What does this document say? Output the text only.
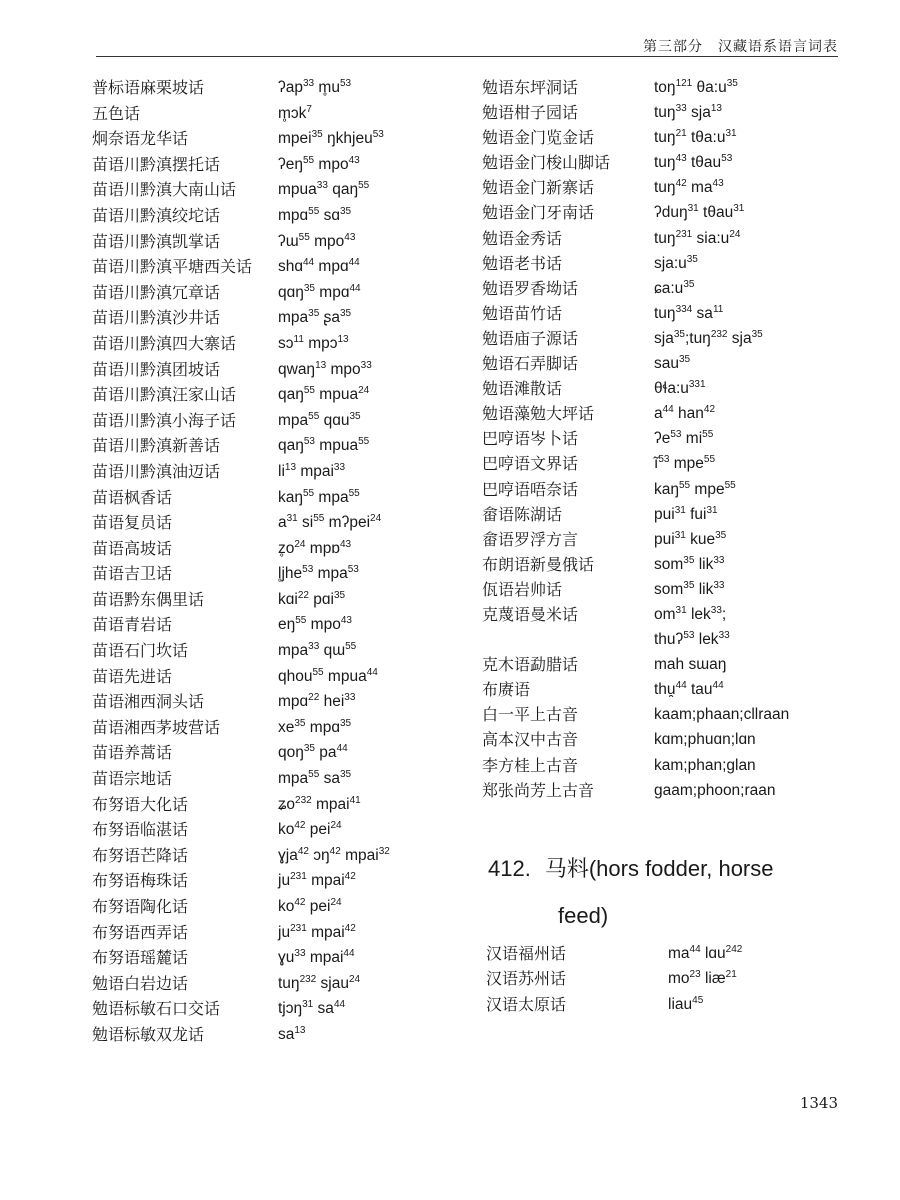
第三部分　汉藏语系语言词表
普标语麻栗坡话	ʔap$^{33}$ $m̥u^{53}$
五色话	m̥ɔk$^7$
炯奈语龙华话	mpei$^{35}$ ŋkhjeu$^{53}$
苗语川黔滇摆托话	ʔeŋ$^{55}$ mpo$^{43}$
苗语川黔滇大南山话	mpua$^{33}$ qaŋ$^{55}$
苗语川黔滇绞坨话	mpɑ$^{55}$ sɑ$^{35}$
苗语川黔滇凯掌话	ʔɯ$^{55}$ mpo$^{43}$
苗语川黔滇平塘西关话	shɑ$^{44}$ mpɑ$^{44}$
苗语川黔滇冗章话	qɑŋ$^{35}$ mpɑ$^{44}$
苗语川黔滇沙井话	mpa$^{35}$ ʂa$^{35}$
苗语川黔滇四大寨话	sɔ$^{11}$ mpɔ$^{13}$
苗语川黔滇团坡话	qwaŋ$^{13}$ mpo$^{33}$
苗语川黔滇汪家山话	qaŋ$^{55}$ mpua$^{24}$
苗语川黔滇小海子话	mpa$^{55}$ qɑu$^{35}$
苗语川黔滇新善话	qaŋ$^{53}$ mpua$^{55}$
苗语川黔滇油迈话	$li^{13}$ mpai$^{33}$
苗语枫香话	kaŋ$^{55}$ mpa$^{55}$
苗语复员话	$a^{31}$ $si^{55}$ mʔpei$^{24}$
苗语高坡话	$z̥o^{24}$ mpɒ$^{43}$
苗语吉卫话	l̥jhe$^{53}$ mpa$^{53}$
苗语黔东偶里话	kɑi$^{22}$ pɑi$^{35}$
苗语青岩话	$eŋ^{55}$ mpo$^{43}$
苗语石门坎话	mpa$^{33}$ qɯ$^{55}$
苗语先进话	qhou$^{55}$ mpua$^{44}$
苗语湘西洞头话	mpɑ$^{22}$ hei$^{33}$
苗语湘西茅坡营话	$xe^{35}$ mpɑ$^{35}$
苗语养蒿话	qoŋ$^{35}$ $pa^{44}$
苗语宗地话	mpa$^{55}$ $sa^{35}$
布努语大化话	ʑo$^{232}$ mpai$^{41}$
布努语临湛话	$ko^{42}$ pei$^{24}$
布努语芒降话	ɣja$^{42}$ ɔŋ$^{42}$ mpai$^{32}$
布努语梅珠话	$ju^{231}$ mpai$^{42}$
布努语陶化话	$ko^{42}$ pei$^{24}$
布努语西弄话	$ju^{231}$ mpai$^{42}$
布努语瑶麓话	ɣu$^{33}$ mpai$^{44}$
勉语白岩边话	tuŋ$^{232}$ sjau$^{24}$
勉语标敏石口交话	tjɔŋ$^{31}$ $sa^{44}$
勉语标敏双龙话	$sa^{13}$
勉语东坪洞话	toŋ$^{121}$ $\theta a:u^{35}$
勉语柑子园话	tuŋ$^{33}$ sja$^{13}$
勉语金门览金话	tuŋ$^{21}$ $t\theta a:u^{31}$
勉语金门梭山脚话	tuŋ$^{43}$ tθau$^{53}$
勉语金门新寨话	tuŋ$^{42}$ $ma^{43}$
勉语金门牙南话	ʔduŋ$^{31}$ tθau$^{31}$
勉语金秀话	tuŋ$^{231}$ $sia:u^{24}$
勉语老书话	$sja:u^{35}$
勉语罗香坳话	$ɕa:u^{35}$
勉语苗竹话	tuŋ$^{334}$ $sa^{11}$
勉语庙子源话	sja$^{35}$;tuŋ$^{232}$ sja$^{35}$
勉语石弄脚话	sau$^{35}$
勉语滩散话	$\theta ɬa:u^{331}$
勉语藻勉大坪话	$a^{44}$ han$^{42}$
巴哼语岑卜话	ʔe$^{53}$ $mi^{55}$
巴哼语文界话	$ĩ^{53}$ mpe$^{55}$
巴哼语唔奈话	kaŋ$^{55}$ mpe$^{55}$
畲语陈湖话	pui$^{31}$ fui$^{31}$
畲语罗浮方言	pui$^{31}$ kue$^{35}$
布朗语新曼俄话	som$^{35}$ lik$^{33}$
佤语岩帅话	som$^{35}$ lik$^{33}$
克蔑语曼米话	$om^{31}$ lek$^{33}$;
thuʔ$^{53}$ lek$^{33}$
克木语勐腊话	mah sɯaŋ
布赓语	thu̯$^{44}$ tau$^{44}$
白一平上古音	kaam;phaan;cllraan
高本汉中古音	kɑm;phuɑn;lɑn
李方桂上古音	kam;phan;glan
郑张尚芳上古音	gaam;phoon;raan
412. 马料(hors fodder, horse
feed)
汉语福州话	$ma^{44}$ lɑu$^{242}$
汉语苏州话	$mo^{23}$ liæ$^{21}$
汉语太原话	liau$^{45}$
1343
